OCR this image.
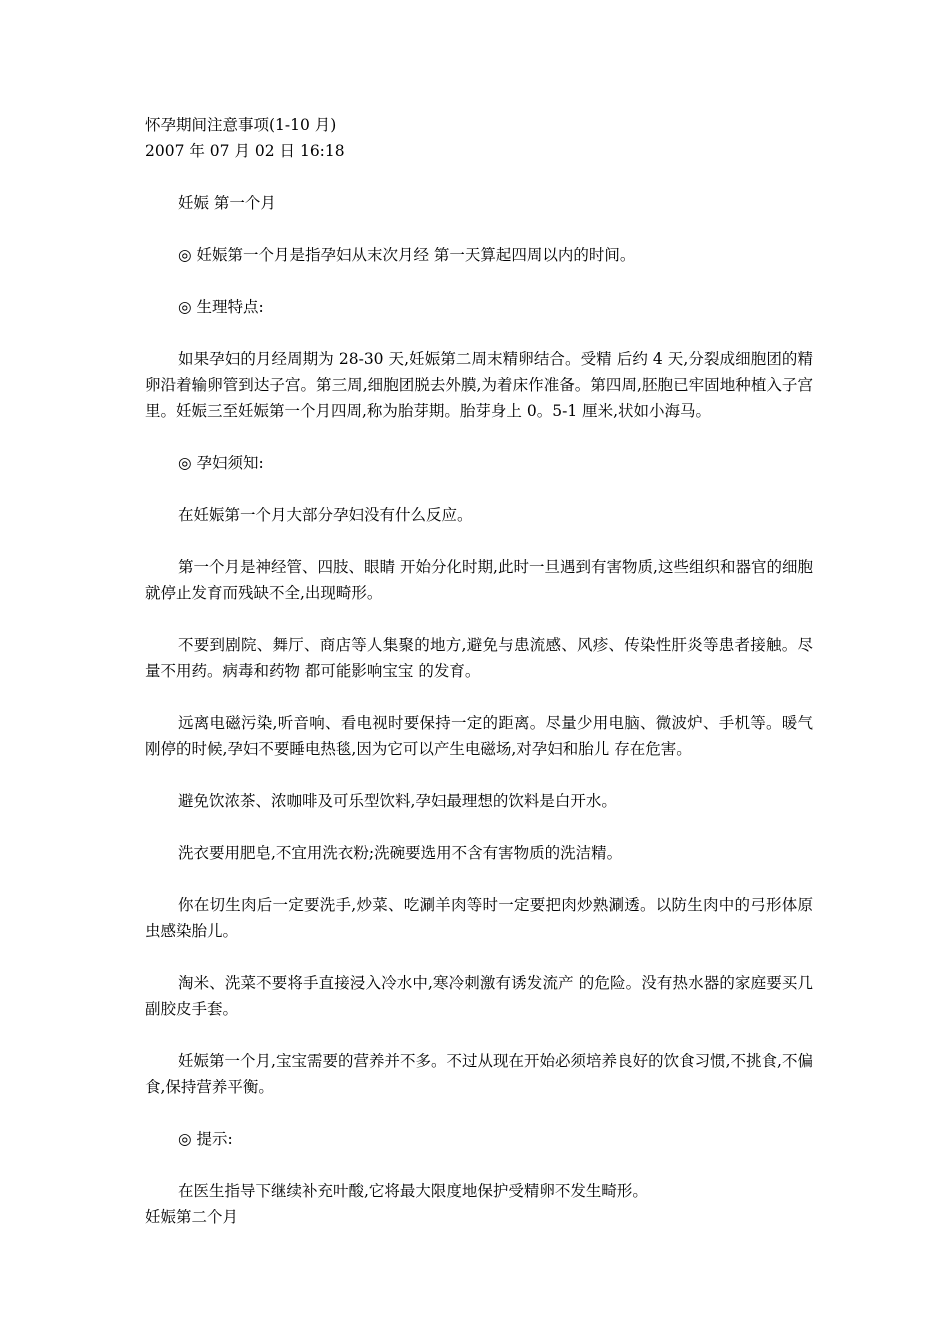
怀孕期间注意事项(1-10 月)

2007 年 07 月 02 日 16:18

妊娠 第一个月

◎ 妊娠第一个月是指孕妇从末次月经 第一天算起四周以内的时间。

◎ 生理特点:

如果孕妇的月经周期为 28-30 天,妊娠第二周末精卵结合。受精 后约 4 天,分裂成细胞团的精卵沿着输卵管到达子宫。第三周,细胞团脱去外膜,为着床作准备。第四周,胚胞已牢固地种植入子宫里。妊娠三至妊娠第一个月四周,称为胎芽期。胎芽身上 0。5-1 厘米,状如小海马。

◎ 孕妇须知:

在妊娠第一个月大部分孕妇没有什么反应。

第一个月是神经管、四肢、眼睛 开始分化时期,此时一旦遇到有害物质,这些组织和器官的细胞就停止发育而残缺不全,出现畸形。

不要到剧院、舞厅、商店等人集聚的地方,避免与患流感、风疹、传染性肝炎等患者接触。尽量不用药。病毒和药物 都可能影响宝宝 的发育。

远离电磁污染,听音响、看电视时要保持一定的距离。尽量少用电脑、微波炉、手机等。暖气刚停的时候,孕妇不要睡电热毯,因为它可以产生电磁场,对孕妇和胎儿 存在危害。

避免饮浓茶、浓咖啡及可乐型饮料,孕妇最理想的饮料是白开水。

洗衣要用肥皂,不宜用洗衣粉;洗碗要选用不含有害物质的洗洁精。

你在切生肉后一定要洗手,炒菜、吃涮羊肉等时一定要把肉炒熟涮透。以防生肉中的弓形体原虫感染胎儿。

淘米、洗菜不要将手直接浸入冷水中,寒冷刺激有诱发流产 的危险。没有热水器的家庭要买几副胶皮手套。

妊娠第一个月,宝宝需要的营养并不多。不过从现在开始必须培养良好的饮食习惯,不挑食,不偏食,保持营养平衡。

◎ 提示:

在医生指导下继续补充叶酸,它将最大限度地保护受精卵不发生畸形。

妊娠第二个月
